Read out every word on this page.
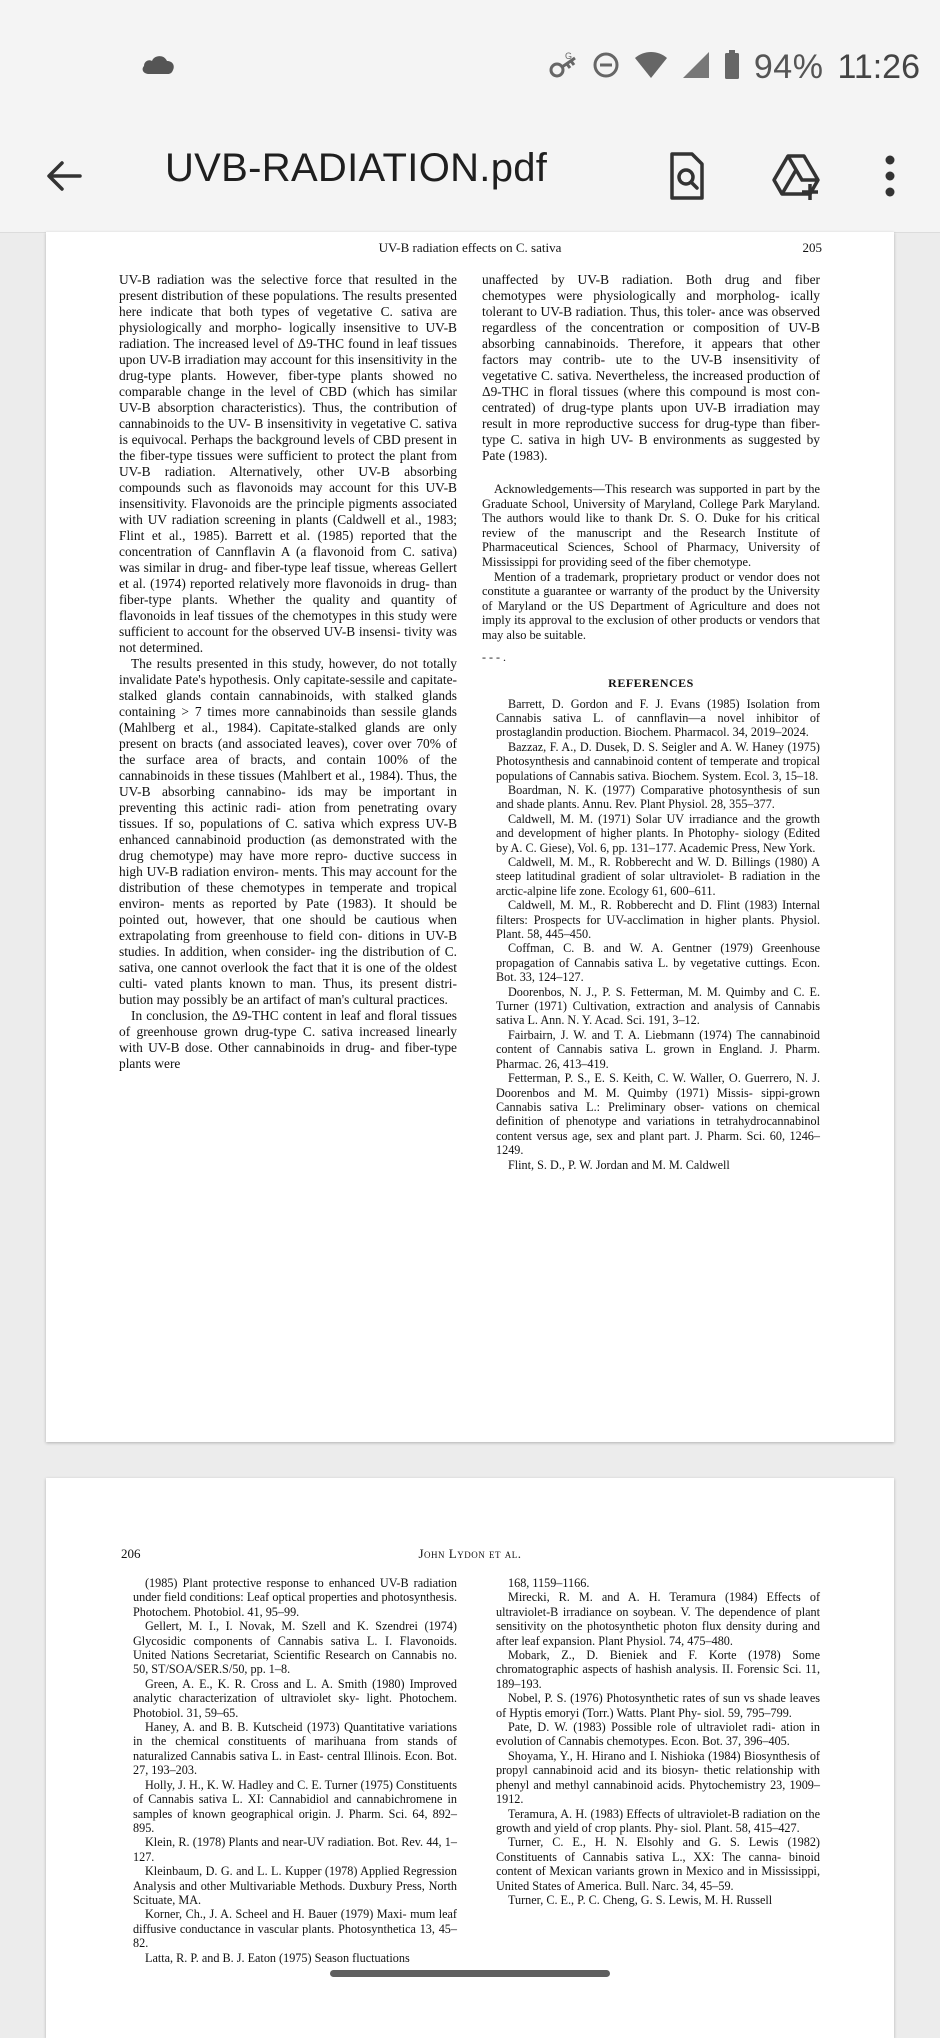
G	94% 11:26
UVB-RADIATION.pdf
UV-B radiation effects on C. sativa	205

UV-B radiation was the selective force that resulted in the present distribution of these populations. The results presented here indicate that both types of vegetative C. sativa are physiologically and morpho- logically insensitive to UV-B radiation. The increased level of Δ9-THC found in leaf tissues upon UV-B irradiation may account for this insensitivity in the drug-type plants. However, fiber-type plants showed no comparable change in the level of CBD (which has similar UV-B absorption characteristics). Thus, the contribution of cannabinoids to the UV- B insensitivity in vegetative C. sativa is equivocal. Perhaps the background levels of CBD present in the fiber-type tissues were sufficient to protect the plant from UV-B radiation. Alternatively, other UV-B absorbing compounds such as flavonoids may account for this UV-B insensitivity. Flavonoids are the principle pigments associated with UV radiation screening in plants (Caldwell et al., 1983; Flint et al., 1985). Barrett et al. (1985) reported that the concentration of Cannflavin A (a flavonoid from C. sativa) was similar in drug- and fiber-type leaf tissue, whereas Gellert et al. (1974) reported relatively more flavonoids in drug- than fiber-type plants. Whether the quality and quantity of flavonoids in leaf tissues of the chemotypes in this study were sufficient to account for the observed UV-B insensi- tivity was not determined.

The results presented in this study, however, do not totally invalidate Pate's hypothesis. Only capitate-sessile and capitate-stalked glands contain cannabinoids, with stalked glands containing > 7 times more cannabinoids than sessile glands (Mahlberg et al., 1984). Capitate-stalked glands are only present on bracts (and associated leaves), cover over 70% of the surface area of bracts, and contain 100% of the cannabinoids in these tissues (Mahlbert et al., 1984). Thus, the UV-B absorbing cannabino- ids may be important in preventing this actinic radi- ation from penetrating ovary tissues. If so, populations of C. sativa which express UV-B enhanced cannabinoid production (as demonstrated with the drug chemotype) may have more repro- ductive success in high UV-B radiation environ- ments. This may account for the distribution of these chemotypes in temperate and tropical environ- ments as reported by Pate (1983). It should be pointed out, however, that one should be cautious when extrapolating from greenhouse to field con- ditions in UV-B studies. In addition, when consider- ing the distribution of C. sativa, one cannot overlook the fact that it is one of the oldest culti- vated plants known to man. Thus, its present distri- bution may possibly be an artifact of man's cultural practices.

In conclusion, the Δ9-THC content in leaf and floral tissues of greenhouse grown drug-type C. sativa increased linearly with UV-B dose. Other cannabinoids in drug- and fiber-type plants were

unaffected by UV-B radiation. Both drug and fiber chemotypes were physiologically and morpholog- ically tolerant to UV-B radiation. Thus, this toler- ance was observed regardless of the concentration or composition of UV-B absorbing cannabinoids. Therefore, it appears that other factors may contrib- ute to the UV-B insensitivity of vegetative C. sativa. Nevertheless, the increased production of Δ9-THC in floral tissues (where this compound is most con- centrated) of drug-type plants upon UV-B irradiation may result in more reproductive success for drug-type than fiber-type C. sativa in high UV- B environments as suggested by Pate (1983).

Acknowledgements—This research was supported in part by the Graduate School, University of Maryland, College Park Maryland. The authors would like to thank Dr. S. O. Duke for his critical review of the manuscript and the Research Institute of Pharmaceutical Sciences, School of Pharmacy, University of Mississippi for providing seed of the fiber chemotype.

Mention of a trademark, proprietary product or vendor does not constitute a guarantee or warranty of the product by the University of Maryland or the US Department of Agriculture and does not imply its approval to the exclusion of other products or vendors that may also be suitable.

- - - .
REFERENCES

Barrett, D. Gordon and F. J. Evans (1985) Isolation from Cannabis sativa L. of cannflavin—a novel inhibitor of prostaglandin production. Biochem. Pharmacol. 34, 2019–2024.

Bazzaz, F. A., D. Dusek, D. S. Seigler and A. W. Haney (1975) Photosynthesis and cannabinoid content of temperate and tropical populations of Cannabis sativa. Biochem. System. Ecol. 3, 15–18.

Boardman, N. K. (1977) Comparative photosynthesis of sun and shade plants. Annu. Rev. Plant Physiol. 28, 355–377.

Caldwell, M. M. (1971) Solar UV irradiance and the growth and development of higher plants. In Photophy- siology (Edited by A. C. Giese), Vol. 6, pp. 131–177. Academic Press, New York.

Caldwell, M. M., R. Robberecht and W. D. Billings (1980) A steep latitudinal gradient of solar ultraviolet- B radiation in the arctic-alpine life zone. Ecology 61, 600–611.

Caldwell, M. M., R. Robberecht and D. Flint (1983) Internal filters: Prospects for UV-acclimation in higher plants. Physiol. Plant. 58, 445–450.

Coffman, C. B. and W. A. Gentner (1979) Greenhouse propagation of Cannabis sativa L. by vegetative cuttings. Econ. Bot. 33, 124–127.

Doorenbos, N. J., P. S. Fetterman, M. M. Quimby and C. E. Turner (1971) Cultivation, extraction and analysis of Cannabis sativa L. Ann. N. Y. Acad. Sci. 191, 3–12.

Fairbairn, J. W. and T. A. Liebmann (1974) The cannabinoid content of Cannabis sativa L. grown in England. J. Pharm. Pharmac. 26, 413–419.

Fetterman, P. S., E. S. Keith, C. W. Waller, O. Guerrero, N. J. Doorenbos and M. M. Quimby (1971) Missis- sippi-grown Cannabis sativa L.: Preliminary obser- vations on chemical definition of phenotype and variations in tetrahydrocannabinol content versus age, sex and plant part. J. Pharm. Sci. 60, 1246–1249.

Flint, S. D., P. W. Jordan and M. M. Caldwell

206	John Lydon et al.

(1985) Plant protective response to enhanced UV-B radiation under field conditions: Leaf optical properties and photosynthesis. Photochem. Photobiol. 41, 95–99.

Gellert, M. I., I. Novak, M. Szell and K. Szendrei (1974) Glycosidic components of Cannabis sativa L. I. Flavonoids. United Nations Secretariat, Scientific Research on Cannabis no. 50, ST/SOA/SER.S/50, pp. 1–8.

Green, A. E., K. R. Cross and L. A. Smith (1980) Improved analytic characterization of ultraviolet sky- light. Photochem. Photobiol. 31, 59–65.

Haney, A. and B. B. Kutscheid (1973) Quantitative variations in the chemical constituents of marihuana from stands of naturalized Cannabis sativa L. in East- central Illinois. Econ. Bot. 27, 193–203.

Holly, J. H., K. W. Hadley and C. E. Turner (1975) Constituents of Cannabis sativa L. XI: Cannabidiol and cannabichromene in samples of known geographical origin. J. Pharm. Sci. 64, 892–895.

Klein, R. (1978) Plants and near-UV radiation. Bot. Rev. 44, 1–127.

Kleinbaum, D. G. and L. L. Kupper (1978) Applied Regression Analysis and other Multivariable Methods. Duxbury Press, North Scituate, MA.

Korner, Ch., J. A. Scheel and H. Bauer (1979) Maxi- mum leaf diffusive conductance in vascular plants. Photosynthetica 13, 45–82.

Latta, R. P. and B. J. Eaton (1975) Season fluctuations

168, 1159–1166.

Mirecki, R. M. and A. H. Teramura (1984) Effects of ultraviolet-B irradiance on soybean. V. The dependence of plant sensitivity on the photosynthetic photon flux density during and after leaf expansion. Plant Physiol. 74, 475–480.

Mobark, Z., D. Bieniek and F. Korte (1978) Some chromatographic aspects of hashish analysis. II. Forensic Sci. 11, 189–193.

Nobel, P. S. (1976) Photosynthetic rates of sun vs shade leaves of Hyptis emoryi (Torr.) Watts. Plant Phy- siol. 59, 795–799.

Pate, D. W. (1983) Possible role of ultraviolet radi- ation in evolution of Cannabis chemotypes. Econ. Bot. 37, 396–405.

Shoyama, Y., H. Hirano and I. Nishioka (1984) Biosynthesis of propyl cannabinoid acid and its biosyn- thetic relationship with phenyl and methyl cannabinoid acids. Phytochemistry 23, 1909–1912.

Teramura, A. H. (1983) Effects of ultraviolet-B radiation on the growth and yield of crop plants. Phy- siol. Plant. 58, 415–427.

Turner, C. E., H. N. Elsohly and G. S. Lewis (1982) Constituents of Cannabis sativa L., XX: The canna- binoid content of Mexican variants grown in Mexico and in Mississippi, United States of America. Bull. Narc. 34, 45–59.

Turner, C. E., P. C. Cheng, G. S. Lewis, M. H. Russell
